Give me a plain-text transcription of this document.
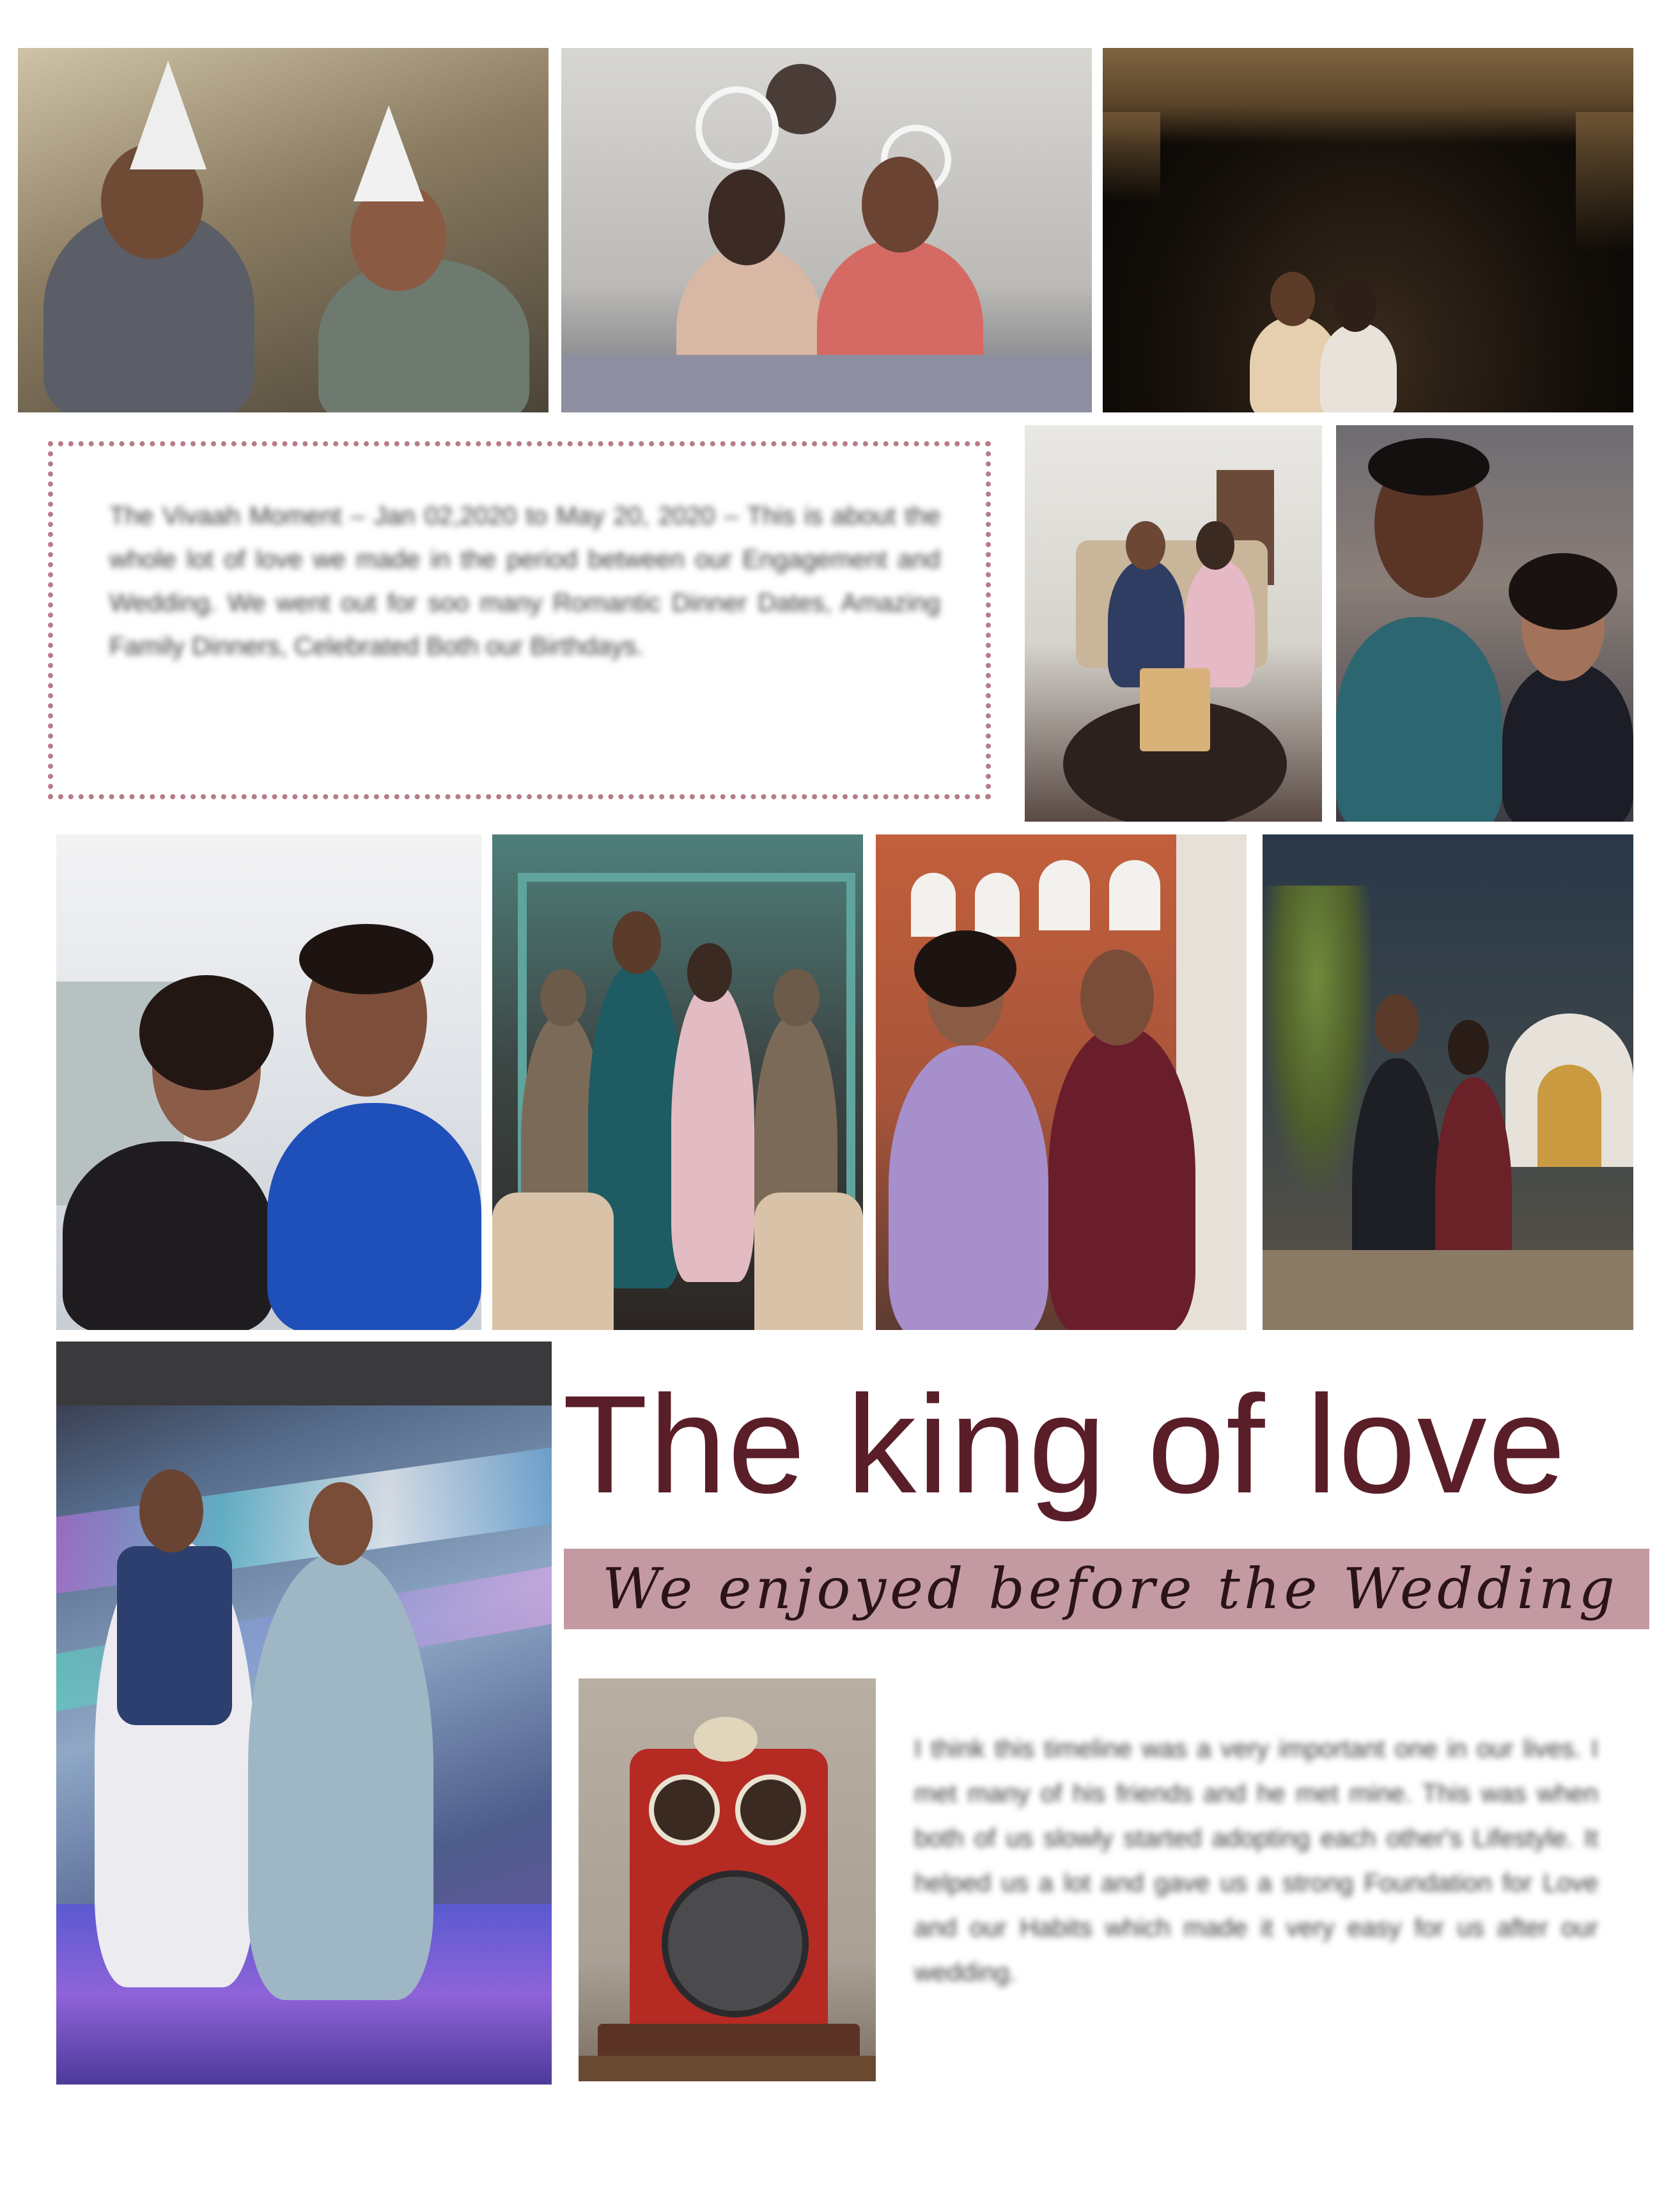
The Vivaah Moment – Jan 02,2020 to May 20, 2020 – This is about the whole lot of love we made in the period between our Engagement and Wedding. We went out for soo many Romantic Dinner Dates, Amazing Family Dinners, Celebrated Both our Birthdays.
The king of love
We enjoyed before the Wedding
I think this timeline was a very important one in our lives. I met many of his friends and he met mine. This was when both of us slowly started adopting each other's Lifestyle. It helped us a lot and gave us a strong Foundation for Love and our Habits which made it very easy for us after our wedding.
